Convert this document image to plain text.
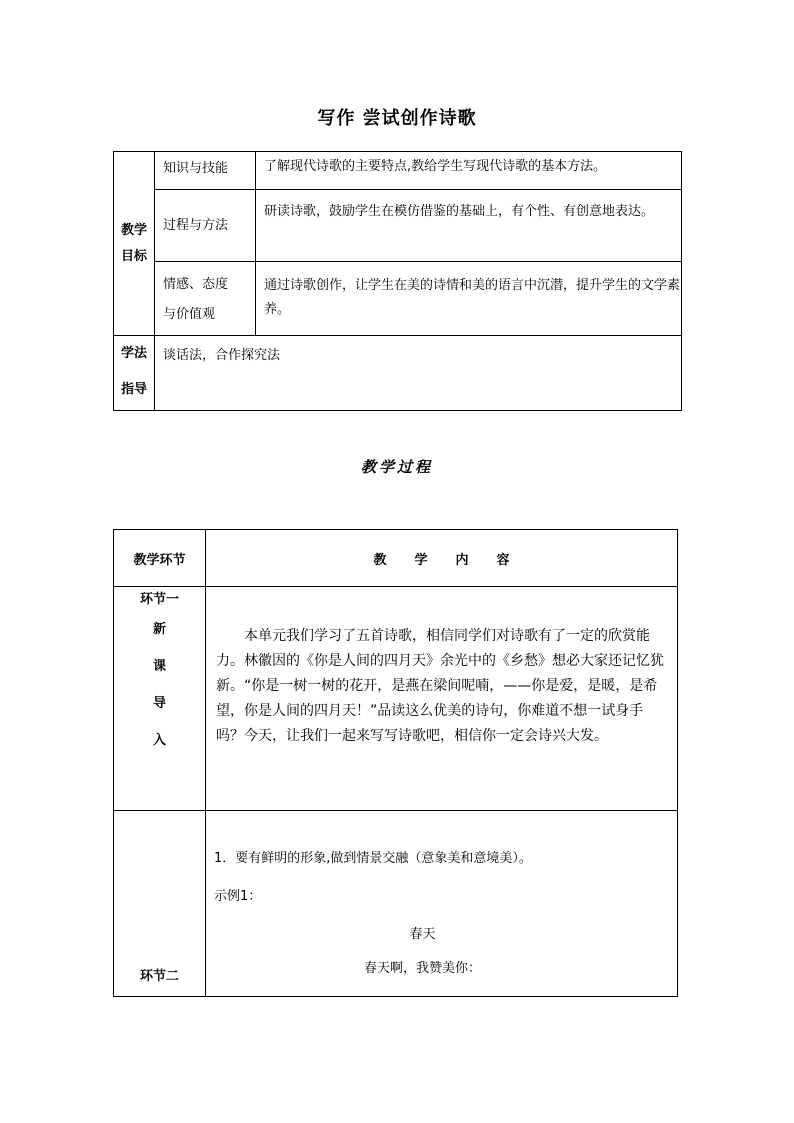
写作 尝试创作诗歌
教学
目标	知识与技能	了解现代诗歌的主要特点,教给学生写现代诗歌的基本方法。
	过程与方法	研读诗歌，鼓励学生在模仿借鉴的基础上，有个性、有创意地表达。

	情感、态度
与价值观	通过诗歌创作，让学生在美的诗情和美的语言中沉潜，提升学生的文学素养。

学法
指导	谈话法，合作探究法	
教学过程
教学环节	教 学 内 容

环节一
新
课
导
入	本单元我们学习了五首诗歌，相信同学们对诗歌有了一定的欣赏能力。林徽因的《你是人间的四月天》余光中的《乡愁》想必大家还记忆犹新。“你是一树一树的花开，是燕在梁间呢喃，——你是爱，是暖，是希望，你是人间的四月天！”品读这么优美的诗句，你难道不想一试身手吗？今天，让我们一起来写写诗歌吧，相信你一定会诗兴大发。
环节二	1．要有鲜明的形象,做到情景交融（意象美和意境美）。
示例1：
春天
春天啊，我赞美你：
